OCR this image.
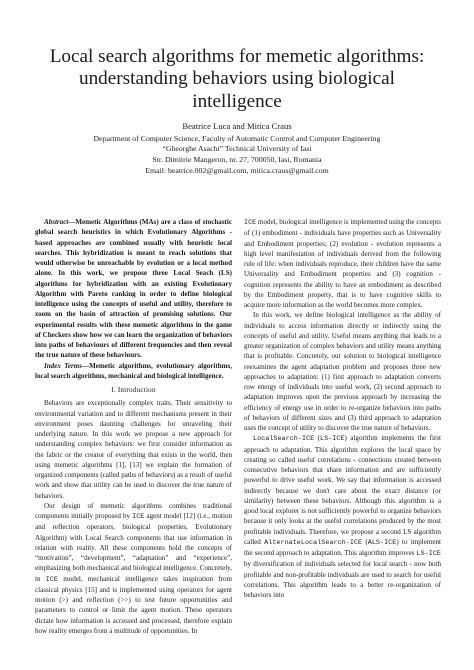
Local search algorithms for memetic algorithms:
understanding behaviors using biological
intelligence
Beatrice Luca and Mitica Craus
Department of Computer Science, Faculty of Automatic Control and Computer Engineering
“Gheorghe Asachi” Technical University of Iasi
Str. Dimitrie Mangeron, nr. 27, 700050, Iasi, Romania
Email: beatrice.002@gmail.com, mitica.craus@gmail.com

Abstract—Memetic Algorithms (MAs) are a class of stochastic global search heuristics in which Evolutionary Algorithms - based approaches are combined usually with heuristic local searches. This hybridization is meant to reach solutions that would otherwise be unreachable by evolution or a local method alone. In this work, we propose three Local Seach (LS) algorithms for hybridization with an existing Evolutionary Algorithm with Pareto ranking in order to define biological intelligence using the concepts of useful and utility, therefore to zoom on the basin of attraction of promising solutions. Our experimental results with these memetic algorithms in the game of Checkers show how we can learn the organization of behaviors into paths of behaviours of different frequencies and then reveal the true nature of these behaviours.

Index Terms—Memetic algorithms, evolutionary algorithms, local search algorithms, mechanical and biological intelligence.

I. Introduction

Behaviors are exceptionally complex traits. Their sensitivity to environmental variation and to different mechanisms present in their environment poses daunting challenges for unraveling their underlying nature. In this work we propose a new approach for understanding complex behaviors: we first consider information as the fabric or the creator of everything that exists in the world, then using memetic algorithms [1], [13] we explain the formation of organized components (called paths of behaviors) as a result of useful work and show that utility can be used to discover the true nature of behaviors.

Our design of memetic algorithms combines traditional components initially proposed by ICE agent model [12] (i.e., motion and reflection operators, biological properties, Evolutionary Algorithm) with Local Search components that use information in relation with reality. All these components hold the concepts of “motivation”, “development”, “adaptation” and “experience”, emphasizing both mechanical and biological intelligence. Concretely, in ICE model, mechanical intelligence takes inspiration from classical physics [15] and is implemented using operators for agent motion (>) and reflection (>>) to test future opportunities and parameters to control or limit the agent motion. These operators dictate how information is accessed and processed, therefore explain how reality emerges from a multitude of opportunities. In

ICE model, biological intelligence is implemented using the concepts of (1) embodiment - individuals have properties such as Universality and Embodiment properties; (2) evolution - evolution represents a high level manifestation of individuals derived from the following rule of life: when individuals reproduce, their children have the same Universality and Embodiment properties and (3) cognition - cognition represents the ability to have an embodiment as described by the Embodiment property, that is to have cognitive skills to acquire more information as the world becomes more complex.

In this work, we define biological intelligence as the ability of individuals to access information directly or indirectly using the concepts of useful and utility. Useful means anything that leads to a greater organization of complex behaviors and utility means anything that is profitable. Concretely, our solution to biological intelligence reexamines the agent adaptation problem and proposes three new approaches to adaptation: (1) first approach to adaptation converts row energy of individuals into useful work, (2) second approach to adaptation improves upon the previous approach by increasing the efficiency of energy use in order to re-organize behaviors into paths of behaviors of different sizes and (3) third approach to adaptation uses the concept of utility to discover the true nature of behaviors.

LocalSearch-ICE (LS-ICE) algorithm implements the first approach to adaptation. This algorithm explores the local space by creating so called useful correlations - connections created between consecutive behaviors that share information and are sufficiently powerful to drive useful work. We say that information is accessed indirectly because we don't care about the exact distance (or similarity) between these behaviors. Although this algorithm is a good local explorer is not sufficiently powerful to organize behaviors because it only looks at the useful correlations produced by the most profitable individuals. Therefore, we propose a second LS algorithm called AlternateLocalSearch-ICE (ALS-ICE) to implement the second approach to adaptation. This algorithm improves LS-ICE by diversification of individuals selected for local search - now both profitable and non-profitable individuals are used to search for useful correlations. This algorithm leads to a better re-organization of behaviors into
